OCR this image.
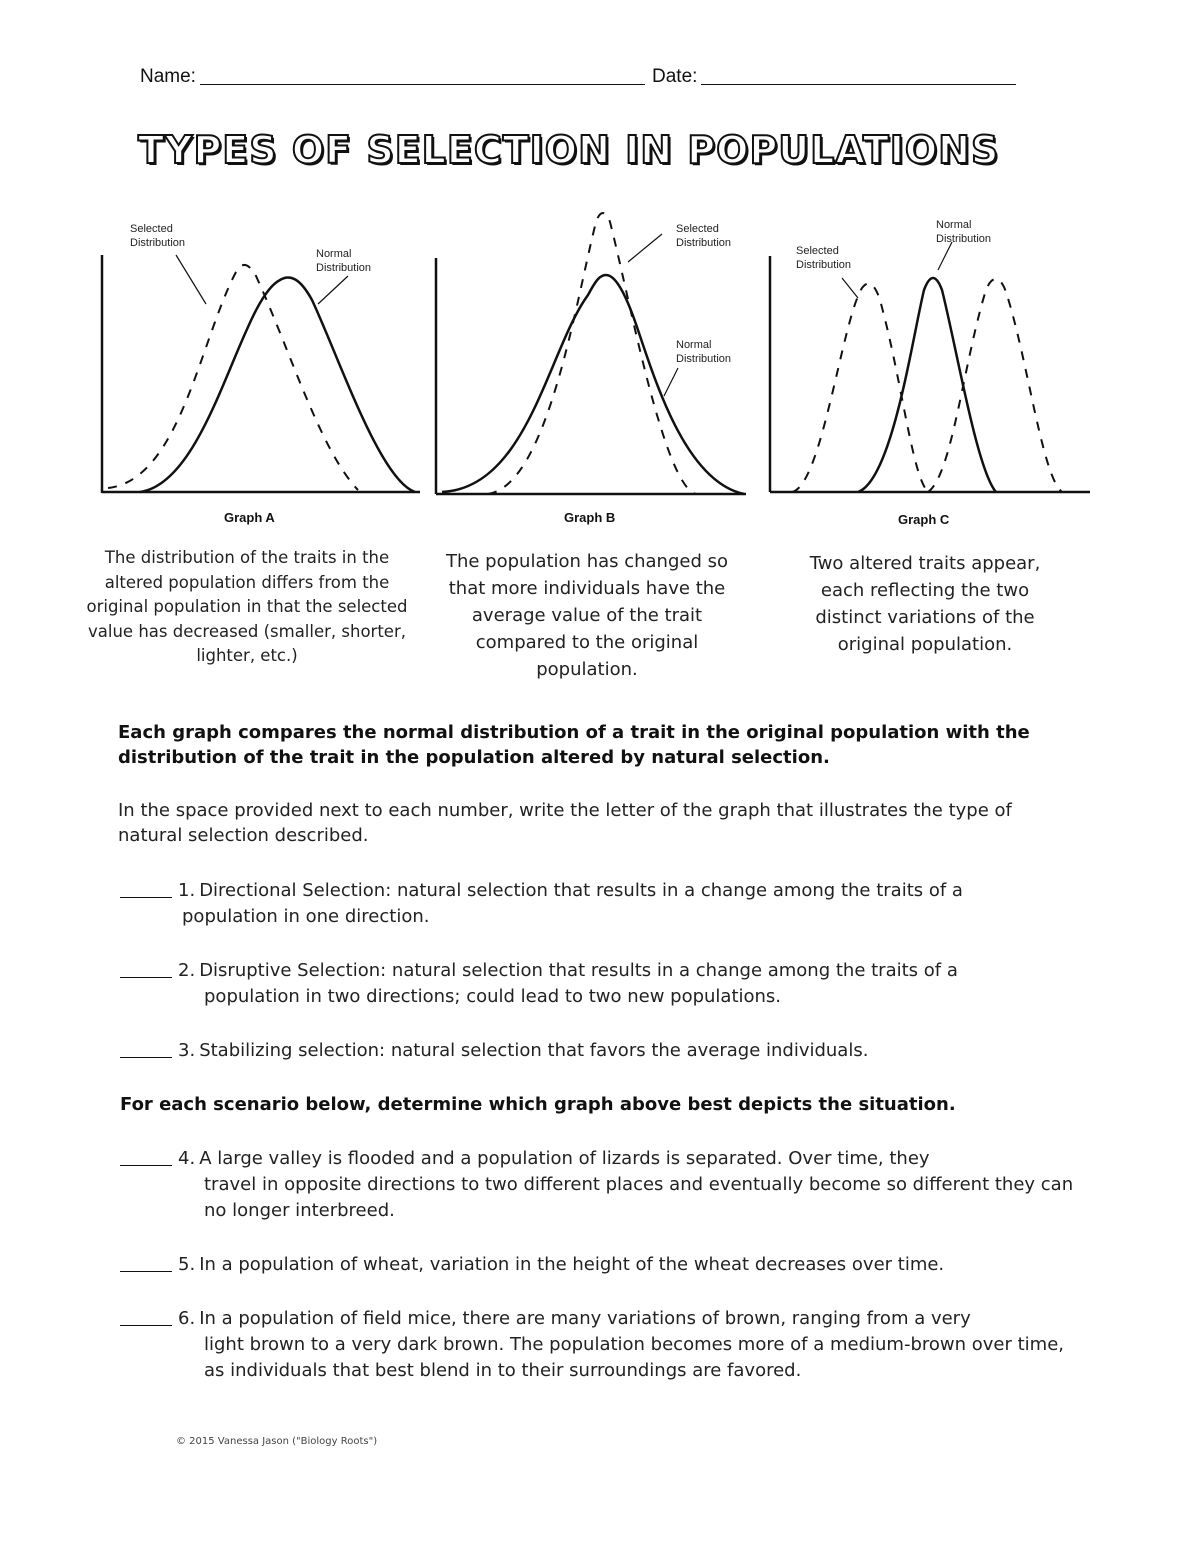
Name:	Date:
TYPES OF SELECTION IN POPULATIONS
Selected Distribution
Normal Distribution
Graph A
Selected Distribution
Normal Distribution
Graph B
Selected Distribution
Normal Distribution
Graph C
The distribution of the traits in the altered population differs from the original population in that the selected value has decreased (smaller, shorter, lighter, etc.)
The population has changed so that more individuals have the average value of the trait compared to the original population.
Two altered traits appear, each reflecting the two distinct variations of the original population.
Each graph compares the normal distribution of a trait in the original population with the distribution of the trait in the population altered by natural selection.
In the space provided next to each number, write the letter of the graph that illustrates the type of natural selection described.
1. Directional Selection: natural selection that results in a change among the traits of a
population in one direction.
2. Disruptive Selection: natural selection that results in a change among the traits of a
population in two directions; could lead to two new populations.
3. Stabilizing selection: natural selection that favors the average individuals.
For each scenario below, determine which graph above best depicts the situation.
4. A large valley is flooded and a population of lizards is separated. Over time, they
travel in opposite directions to two different places and eventually become so different they can no longer interbreed.
5. In a population of wheat, variation in the height of the wheat decreases over time.
6. In a population of field mice, there are many variations of brown, ranging from a very
light brown to a very dark brown. The population becomes more of a medium-brown over time, as individuals that best blend in to their surroundings are favored.
© 2015 Vanessa Jason ("Biology Roots")
